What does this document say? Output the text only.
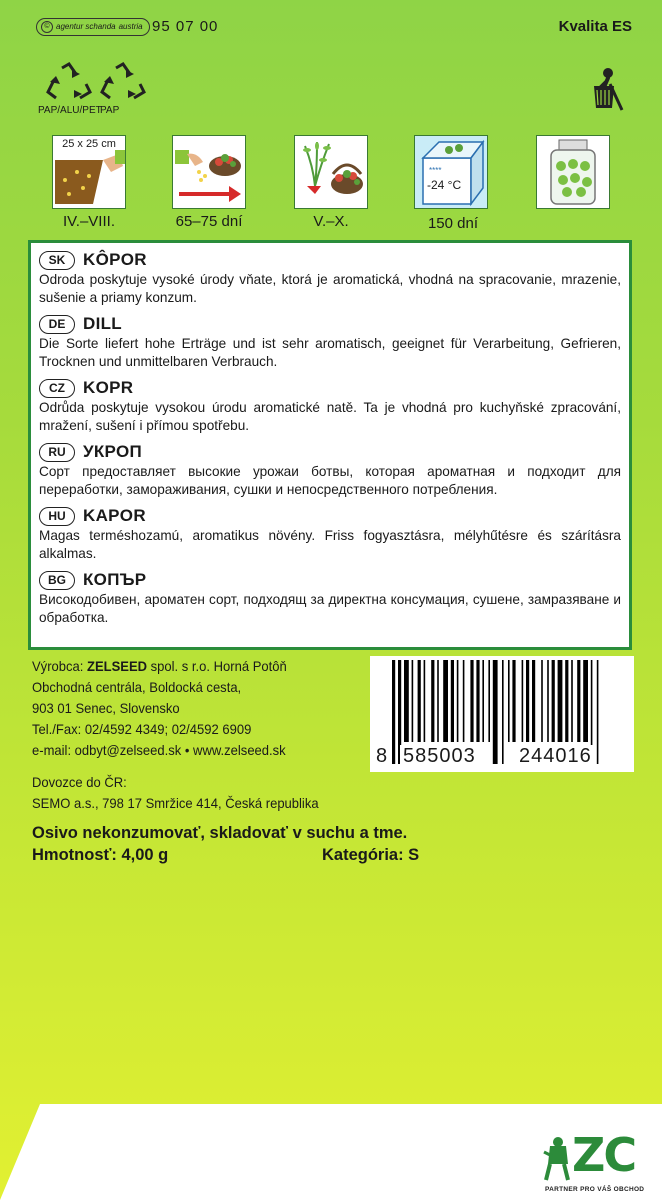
© agentur schanda austria 95 07 00	Kvalita ES
PAP/ALU/PET
PAP
25 x 25 cm
****
-24 °C
IV.–VIII.	65–75 dní	V.–X.	150 dní
SK	KÔPOR
Odroda poskytuje vysoké úrody vňate, ktorá je aromatická, vhodná na spracovanie, mrazenie, sušenie a priamy konzum.
DE	DILL
Die Sorte liefert hohe Erträge und ist sehr aromatisch, geeignet für Verarbeitung, Gefrieren, Trocknen und unmittelbaren Verbrauch.
CZ	KOPR
Odrůda poskytuje vysokou úrodu aromatické natě. Ta je vhodná pro kuchyňské zpracování, mražení, sušení i přímou spotřebu.
RU	УКРОП
Сорт предоставляет высокие урожаи ботвы, которая ароматная и подходит для переработки, замораживания, сушки и непосредственного потребления.
HU	KAPOR
Magas terméshozamú, aromatikus növény. Friss fogyasztásra, mélyhűtésre és szárításra alkalmas.
BG	КОПЪР
Високодобивен, ароматен сорт, подходящ за директна консумация, сушене, замразяване и обработка.
Výrobca: ZELSEED spol. s r.o. Horná Potôň
Obchodná centrála, Boldocká cesta,
903 01 Senec, Slovensko
Tel./Fax: 02/4592 4349; 02/4592 6909
e-mail: odbyt@zelseed.sk • www.zelseed.sk
Dovozce do ČR:
SEMO a.s., 798 17 Smržice 414, Česká republika
8 585003 244016
Osivo nekonzumovať, skladovať v suchu a tme.
Hmotnosť: 4,00 g	Kategória: S
ZC
PARTNER PRO VÁŠ OBCHOD
